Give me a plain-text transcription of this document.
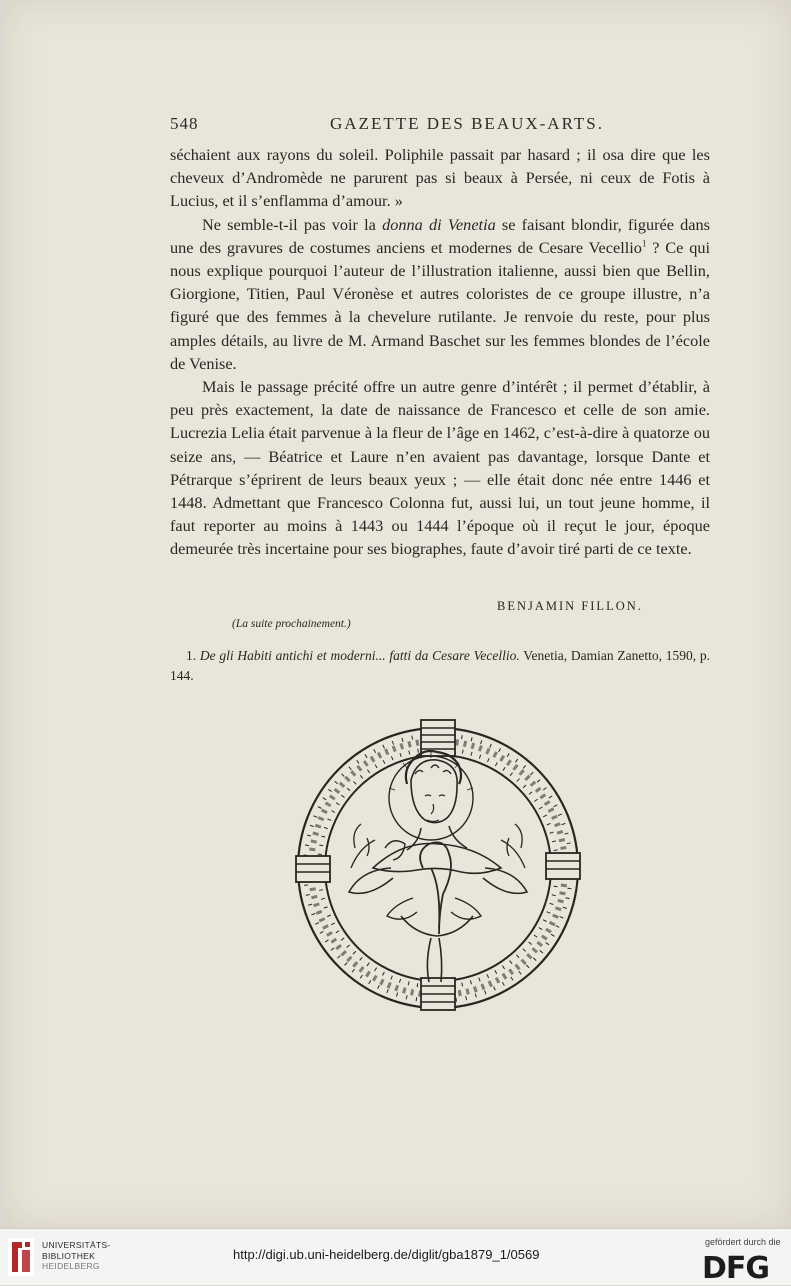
548	GAZETTE DES BEAUX-ARTS.

séchaient aux rayons du soleil. Poliphile passait par hasard ; il osa dire que les cheveux d’Andromède ne parurent pas si beaux à Persée, ni ceux de Fotis à Lucius, et il s’enflamma d’amour. »

Ne semble-t-il pas voir la donna di Venetia se faisant blondir, figurée dans une des gravures de costumes anciens et modernes de Cesare Vecellio$^1$ ? Ce qui nous explique pourquoi l’auteur de l’illustration italienne, aussi bien que Bellin, Giorgione, Titien, Paul Véronèse et autres coloristes de ce groupe illustre, n’a figuré que des femmes à la chevelure rutilante. Je renvoie du reste, pour plus amples détails, au livre de M. Armand Baschet sur les femmes blondes de l’école de Venise.

Mais le passage précité offre un autre genre d’intérêt ; il permet d’établir, à peu près exactement, la date de naissance de Francesco et celle de son amie. Lucrezia Lelia était parvenue à la fleur de l’âge en 1462, c’est-à-dire à quatorze ou seize ans, — Béatrice et Laure n’en avaient pas davantage, lorsque Dante et Pétrarque s’éprirent de leurs beaux yeux ; — elle était donc née entre 1446 et 1448. Admettant que Francesco Colonna fut, aussi lui, un tout jeune homme, il faut reporter au moins à 1443 ou 1444 l’époque où il reçut le jour, époque demeurée très incertaine pour ses biographes, faute d’avoir tiré parti de ce texte.

BENJAMIN FILLON.
(La suite prochainement.)

1. De gli Habiti antichi et moderni... fatti da Cesare Vecellio. Venetia, Damian Zanetto, 1590, p. 144.

UNIVERSITÄTS-
BIBLIOTHEK
HEIDELBERG
http://digi.ub.uni-heidelberg.de/diglit/gba1879_1/0569
gefördert durch die
DFG
